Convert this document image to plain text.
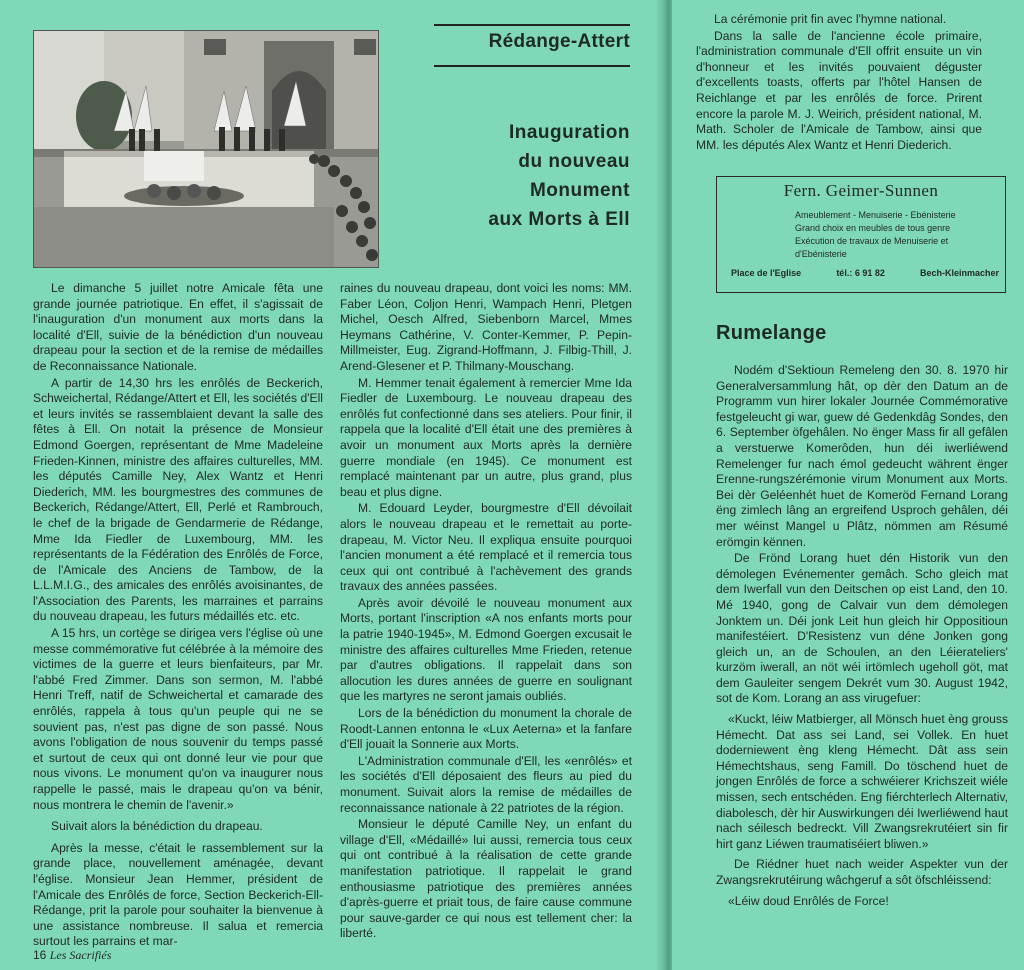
Rédange-Attert
Inauguration
du nouveau
Monument
aux Morts à Ell

Le dimanche 5 juillet notre Amicale fêta une grande journée patriotique. En effet, il s'agissait de l'inauguration d'un monument aux morts dans la localité d'Ell, suivie de la bénédiction d'un nouveau drapeau pour la section et de la remise de médailles de Reconnaissance Nationale.

A partir de 14,30 hrs les enrôlés de Beckerich, Schweichertal, Rédange/Attert et Ell, les sociétés d'Ell et leurs invités se rassemblaient devant la salle des fêtes à Ell. On notait la présence de Monsieur Edmond Goergen, représentant de Mme Madeleine Frieden-Kinnen, ministre des affaires culturelles, MM. les députés Camille Ney, Alex Wantz et Henri Diederich, MM. les bourgmestres des communes de Beckerich, Rédange/Attert, Ell, Perlé et Rambrouch, le chef de la brigade de Gendarmerie de Rédange, Mme Ida Fiedler de Luxembourg, MM. les représentants de la Fédération des Enrôlés de Force, de l'Amicale des Anciens de Tambow, de la L.L.M.I.G., des amicales des enrôlés avoisinantes, de l'Association des Parents, les marraines et parrains du nouveau drapeau, les futurs médaillés etc. etc.

A 15 hrs, un cortège se dirigea vers l'église où une messe commémorative fut célébrée à la mémoire des victimes de la guerre et leurs bienfaiteurs, par Mr. l'abbé Fred Zimmer. Dans son sermon, M. l'abbé Henri Treff, natif de Schweichertal et camarade des enrôlés, rappela à tous qu'un peuple qui ne se souvient pas, n'est pas digne de son passé. Nous avons l'obligation de nous souvenir du temps passé et surtout de ceux qui ont donné leur vie pour que nous vivons. Le monument qu'on va inaugurer nous rappelle le passé, mais le drapeau qu'on va bénir, nous montrera le chemin de l'avenir.»

Suivait alors la bénédiction du drapeau.

Après la messe, c'était le rassemblement sur la grande place, nouvellement aménagée, devant l'église. Monsieur Jean Hemmer, président de l'Amicale des Enrôlés de force, Section Beckerich-Ell-Rédange, prit la parole pour souhaiter la bienvenue à une assistance nombreuse. Il salua et remercia surtout les parrains et mar-

raines du nouveau drapeau, dont voici les noms: MM. Faber Léon, Coljon Henri, Wampach Henri, Pletgen Michel, Oesch Alfred, Siebenborn Marcel, Mmes Heymans Cathérine, V. Conter-Kemmer, P. Pepin-Millmeister, Eug. Zigrand-Hoffmann, J. Filbig-Thill, J. Arend-Glesener et P. Thilmany-Mouschang.

M. Hemmer tenait également à remercier Mme Ida Fiedler de Luxembourg. Le nouveau drapeau des enrôlés fut confectionné dans ses ateliers. Pour finir, il rappela que la localité d'Ell était une des premières à avoir un monument aux Morts après la dernière guerre mondiale (en 1945). Ce monument est remplacé maintenant par un autre, plus grand, plus beau et plus digne.

M. Edouard Leyder, bourgmestre d'Ell dévoilait alors le nouveau drapeau et le remettait au porte-drapeau, M. Victor Neu. Il expliqua ensuite pourquoi l'ancien monument a été remplacé et il remercia tous ceux qui ont contribué à l'achèvement des grands travaux des années passées.

Après avoir dévoilé le nouveau monument aux Morts, portant l'inscription «A nos enfants morts pour la patrie 1940-1945», M. Edmond Goergen excusait le ministre des affaires culturelles Mme Frieden, retenue par d'autres obligations. Il rappelait dans son allocution les dures années de guerre en soulignant que les martyres ne seront jamais oubliés.

Lors de la bénédiction du monument la chorale de Roodt-Lannen entonna le «Lux Aeterna» et la fanfare d'Ell jouait la Sonnerie aux Morts.

L'Administration communale d'Ell, les «enrôlés» et les sociétés d'Ell déposaient des fleurs au pied du monument. Suivait alors la remise de médailles de reconnaissance nationale à 22 patriotes de la région.

Monsieur le député Camille Ney, un enfant du village d'Ell, «Médaillé» lui aussi, remercia tous ceux qui ont contribué à la réalisation de cette grande manifestation patriotique. Il rappelait le grand enthousiasme patriotique des premières années d'après-guerre et priait tous, de faire cause commune pour sauve-garder ce qui nous est tellement cher: la liberté.

16 Les Sacrifiés

La cérémonie prit fin avec l'hymne national.

Dans la salle de l'ancienne école primaire, l'administration communale d'Ell offrit ensuite un vin d'honneur et les invités pouvaient déguster d'excellents toasts, offerts par l'hôtel Hansen de Reichlange et par les enrôlés de force. Prirent encore la parole M. J. Weirich, président national, M. Math. Scholer de l'Amicale de Tambow, ainsi que MM. les députés Alex Wantz et Henri Diederich.

Fern. Geimer-Sunnen
Ameublement - Menuiserie - Ebénisterie
Grand choix en meubles de tous genre
Exécution de travaux de Menuiserie et
d'Ebénisterie
Place de l'Eglise	tél.: 6 91 82	Bech-Kleinmacher
Rumelange

Nodém d'Sektioun Remeleng den 30. 8. 1970 hir Generalversammlung hât, op dèr den Datum an de Programm vun hirer lokaler Journée Commémorative festgeleucht gi war, guew dé Gedenkdâg Sondes, den 6. September öfgehâlen. No ënger Mass fir all gefâlen a verstuerwe Komerôden, hun déi iwerliéwend Remelenger fur nach émol gedeucht währent ënger Erenne-rungszérémonie virum Monument aux Morts. Bei dèr Geléenhét huet de Komeröd Fernand Lorang ëng zimlech lâng an ergreifend Usproch gehâlen, déi mer wéinst Mangel u Plâtz, nömmen am Résumé erömgin kënnen.

De Frönd Lorang huet dén Historik vun den démolegen Evénementer gemâch. Scho gleich mat dem Iwerfall vun den Deitschen op eist Land, den 10. Mé 1940, gong de Calvair vun dem démolegen Jonktem un. Déi jonk Leit hun gleich hir Oppositioun manifestéiert. D'Resistenz vun déne Jonken gong gleich un, an de Schoulen, an den Léierateliers' kurzöm iwerall, an nöt wéi irtömlech ugeholl göt, mat dem Gauleiter sengem Dekrét vum 30. August 1942, sot de Kom. Lorang an ass virugefuer:

«Kuckt, léiw Matbierger, all Mönsch huet èng grouss Hémecht. Dat ass sei Land, sei Vollek. En huet doderniewent èng kleng Hémecht. Dât ass sein Hémechtshaus, seng Famill. Do töschend huet de jongen Enrôlés de force a schwéierer Krichszeit wiéle missen, sech entschéden. Eng fiérchterlech Alternativ, diabolesch, dèr hir Auswirkungen déi Iwerliéwend haut nach séilesch bedreckt. Vill Zwangsrekrutéiert sin fir hirt ganz Liéwen traumatiséiert bliwen.»

De Riédner huet nach weider Aspekter vun der Zwangsrekrutéirung wâchgeruf a sôt öfschléissend:

«Léiw doud Enrôlés de Force!
